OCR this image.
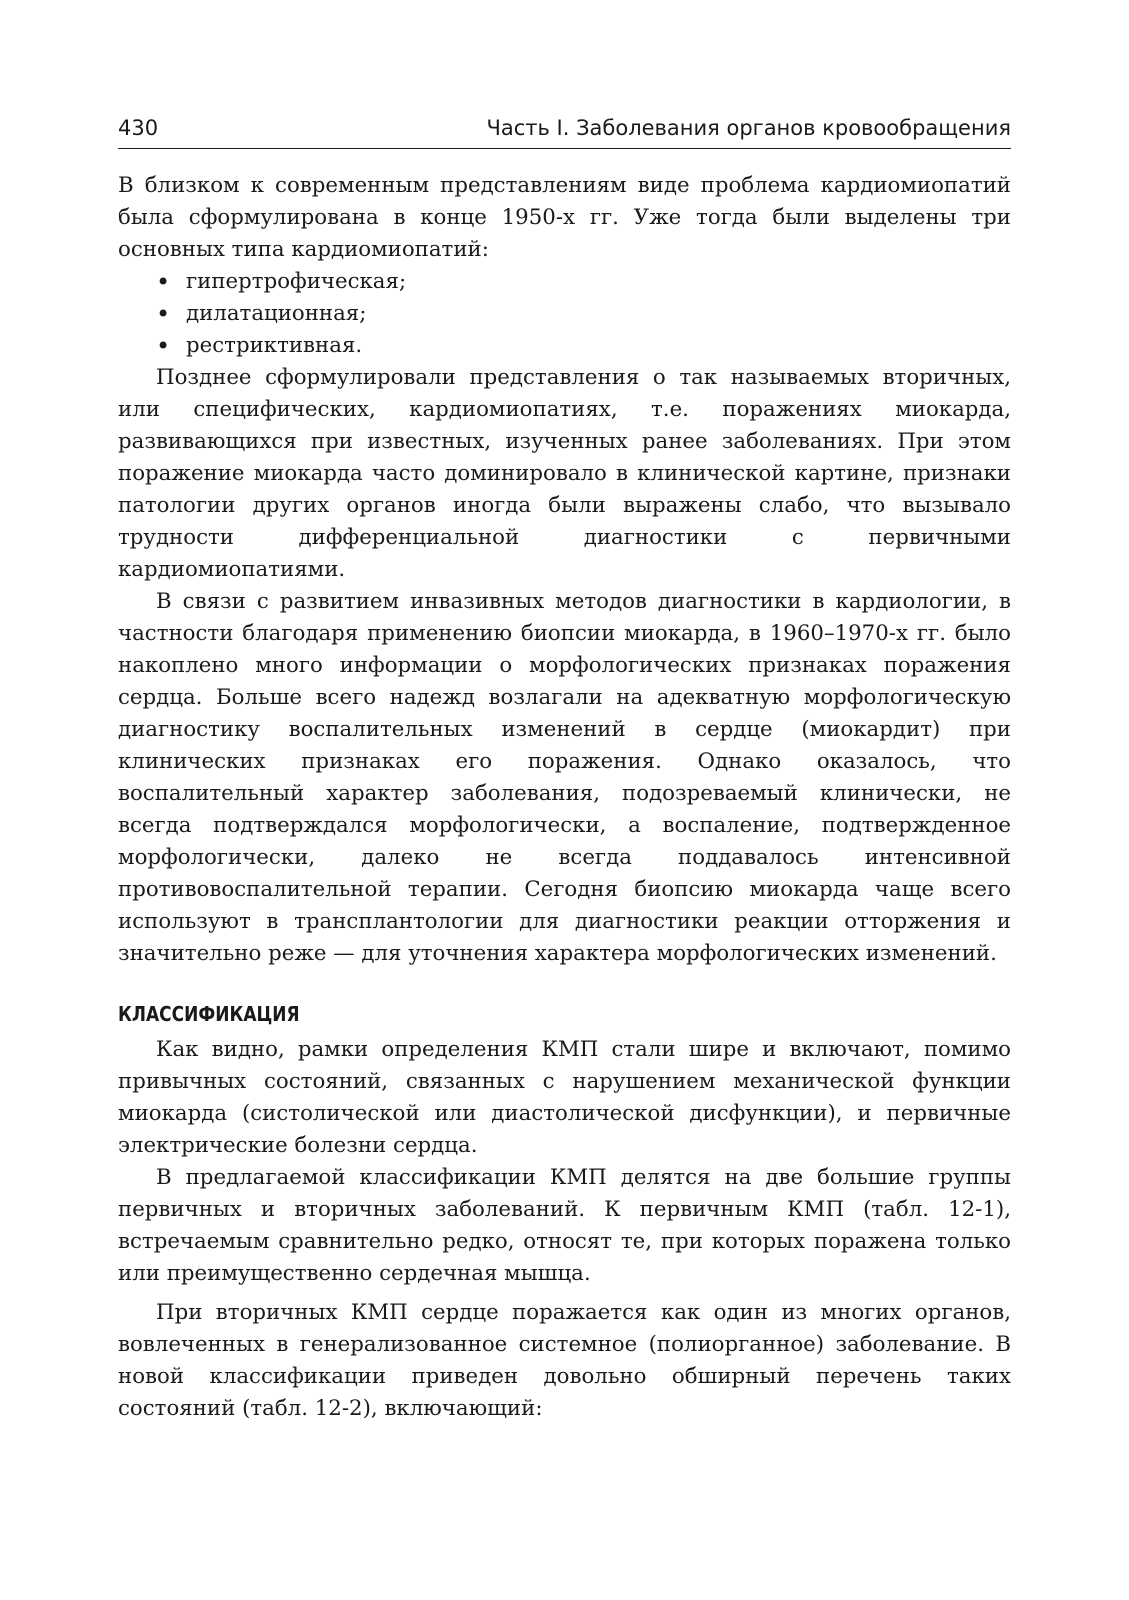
430	Часть I. Заболевания органов кровообращения

В близком к современным представлениям виде проблема кардиомиопатий была сформулирована в конце 1950-х гг. Уже тогда были выделены три основных типа кардиомиопатий:

• гипертрофическая;
• дилатационная;
• рестриктивная.

Позднее сформулировали представления о так называемых вторичных, или специфических, кардиомиопатиях, т.е. поражениях миокарда, развивающихся при известных, изученных ранее заболеваниях. При этом поражение миокарда часто доминировало в клинической картине, признаки патологии других органов иногда были выражены слабо, что вызывало трудности дифференциальной диагностики с первичными кардиомиопатиями.

В связи с развитием инвазивных методов диагностики в кардиологии, в частности благодаря применению биопсии миокарда, в 1960–1970-х гг. было накоплено много информации о морфологических признаках поражения сердца. Больше всего надежд возлагали на адекватную морфологическую диагностику воспалительных изменений в сердце (миокардит) при клинических признаках его поражения. Однако оказалось, что воспалительный характер заболевания, подозреваемый клинически, не всегда подтверждался морфологически, а воспаление, подтвержденное морфологически, далеко не всегда поддавалось интенсивной противовоспалительной терапии. Сегодня биопсию миокарда чаще всего используют в трансплантологии для диагностики реакции отторжения и значительно реже — для уточнения характера морфологических изменений.

КЛАССИФИКАЦИЯ

Как видно, рамки определения КМП стали шире и включают, помимо привычных состояний, связанных с нарушением механической функции миокарда (систолической или диастолической дисфункции), и первичные электрические болезни сердца.

В предлагаемой классификации КМП делятся на две большие группы первичных и вторичных заболеваний. К первичным КМП (табл. 12-1), встречаемым сравнительно редко, относят те, при которых поражена только или преимущественно сердечная мышца.

При вторичных КМП сердце поражается как один из многих органов, вовлеченных в генерализованное системное (полиорганное) заболевание. В новой классификации приведен довольно обширный перечень таких состояний (табл. 12-2), включающий:
